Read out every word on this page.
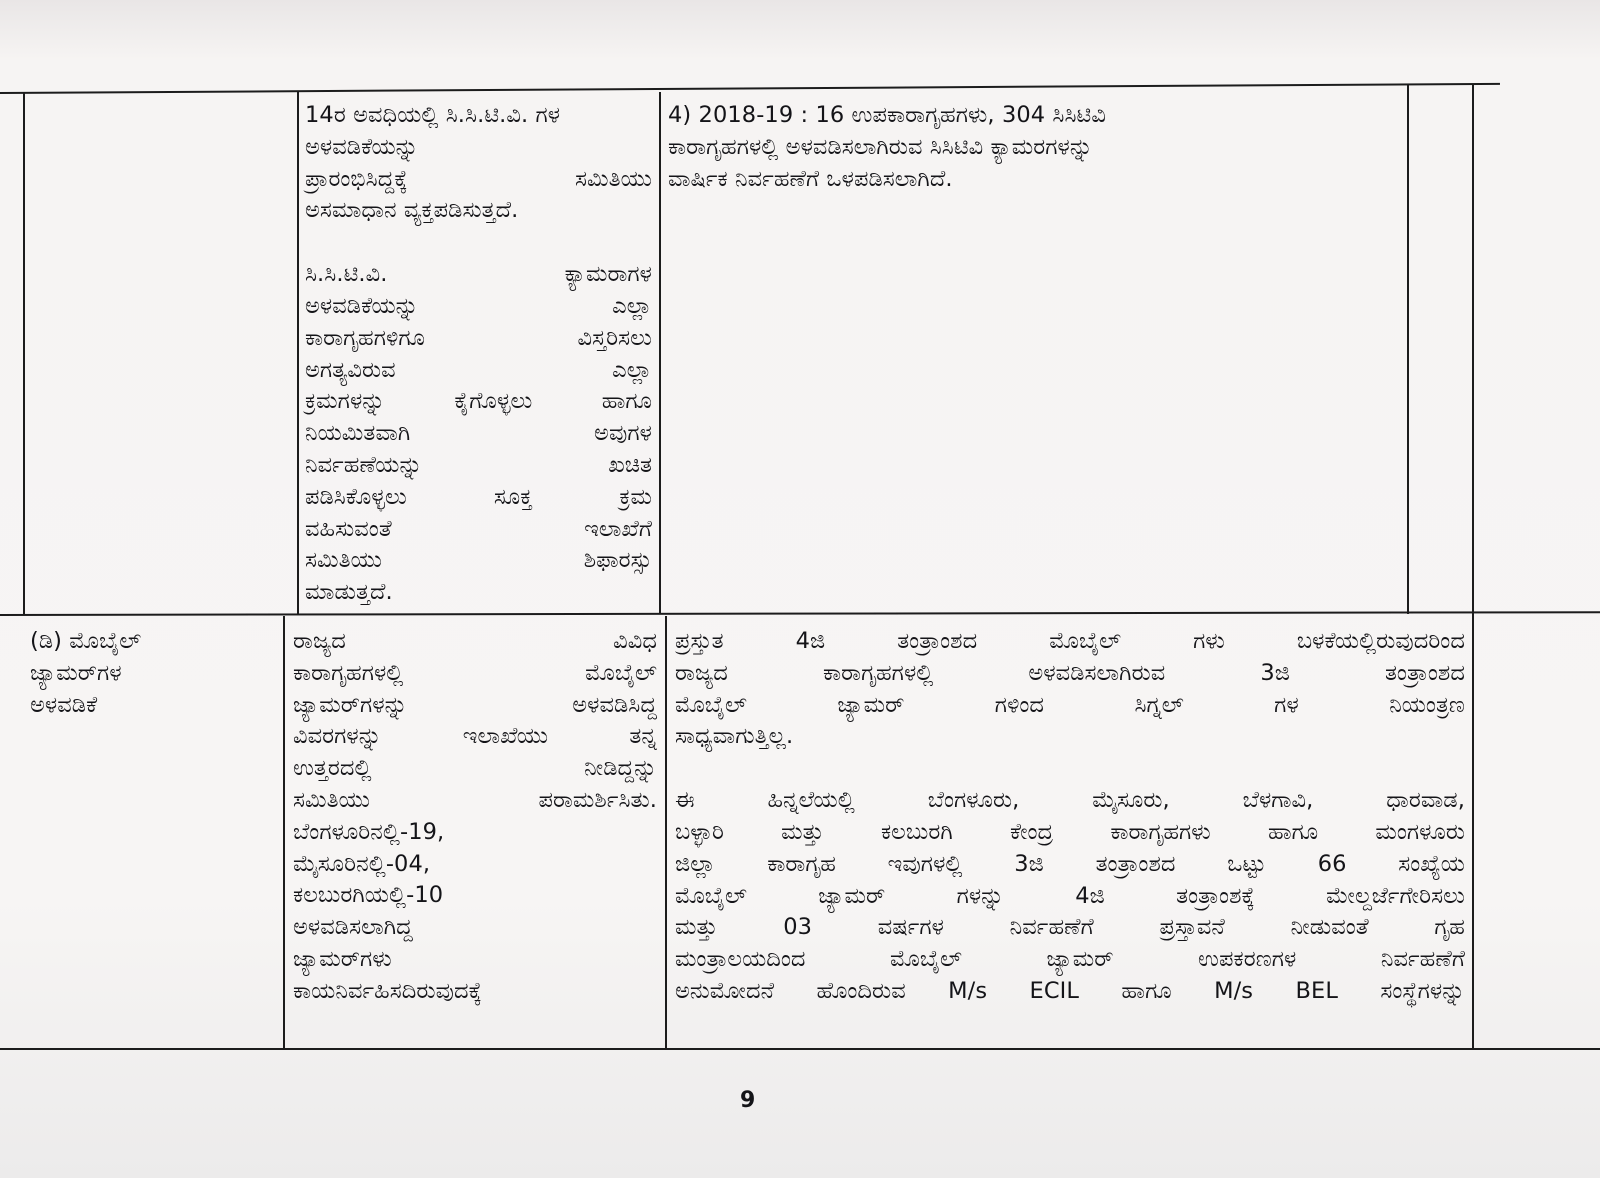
14ರ ಅವಧಿಯಲ್ಲಿ ಸಿ.ಸಿ.ಟಿ.ವಿ. ಗಳ

ಅಳವಡಿಕೆಯನ್ನು

ಪ್ರಾರಂಭಿಸಿದ್ದಕ್ಕೆ ಸಮಿತಿಯು

ಅಸಮಾಧಾನ ವ್ಯಕ್ತಪಡಿಸುತ್ತದೆ.

ಸಿ.ಸಿ.ಟಿ.ವಿ. ಕ್ಯಾಮರಾಗಳ

ಅಳವಡಿಕೆಯನ್ನು ಎಲ್ಲಾ

ಕಾರಾಗೃಹಗಳಿಗೂ ವಿಸ್ತರಿಸಲು

ಅಗತ್ಯವಿರುವ ಎಲ್ಲಾ

ಕ್ರಮಗಳನ್ನು ಕೈಗೊಳ್ಳಲು ಹಾಗೂ

ನಿಯಮಿತವಾಗಿ ಅವುಗಳ

ನಿರ್ವಹಣೆಯನ್ನು ಖಚಿತ

ಪಡಿಸಿಕೊಳ್ಳಲು ಸೂಕ್ತ ಕ್ರಮ

ವಹಿಸುವಂತೆ ಇಲಾಖೆಗೆ

ಸಮಿತಿಯು ಶಿಫಾರಸ್ಸು

ಮಾಡುತ್ತದೆ.

4) 2018-19 : 16 ಉಪಕಾರಾಗೃಹಗಳು, 304 ಸಿಸಿಟಿವಿ

ಕಾರಾಗೃಹಗಳಲ್ಲಿ ಅಳವಡಿಸಲಾಗಿರುವ ಸಿಸಿಟಿವಿ ಕ್ಯಾಮರಗಳನ್ನು

ವಾರ್ಷಿಕ ನಿರ್ವಹಣೆಗೆ ಒಳಪಡಿಸಲಾಗಿದೆ.

(ಡಿ) ಮೊಬೈಲ್

ಜ್ಯಾಮರ್‌ಗಳ

ಅಳವಡಿಕೆ

ರಾಜ್ಯದ ವಿವಿಧ

ಕಾರಾಗೃಹಗಳಲ್ಲಿ ಮೊಬೈಲ್

ಜ್ಯಾಮರ್‌ಗಳನ್ನು ಅಳವಡಿಸಿದ್ದ

ವಿವರಗಳನ್ನು ಇಲಾಖೆಯು ತನ್ನ

ಉತ್ತರದಲ್ಲಿ ನೀಡಿದ್ದನ್ನು

ಸಮಿತಿಯು ಪರಾಮರ್ಶಿಸಿತು.

ಬೆಂಗಳೂರಿನಲ್ಲಿ-19,

ಮೈಸೂರಿನಲ್ಲಿ-04,

ಕಲಬುರಗಿಯಲ್ಲಿ-10

ಅಳವಡಿಸಲಾಗಿದ್ದ

ಜ್ಯಾಮರ್‌ಗಳು

ಕಾಯನಿರ್ವಹಿಸದಿರುವುದಕ್ಕೆ

ಪ್ರಸ್ತುತ 4ಜಿ ತಂತ್ರಾಂಶದ ಮೊಬೈಲ್ ಗಳು ಬಳಕೆಯಲ್ಲಿರುವುದರಿಂದ

ರಾಜ್ಯದ ಕಾರಾಗೃಹಗಳಲ್ಲಿ ಅಳವಡಿಸಲಾಗಿರುವ 3ಜಿ ತಂತ್ರಾಂಶದ

ಮೊಬೈಲ್ ಜ್ಯಾಮರ್ ಗಳಿಂದ ಸಿಗ್ನಲ್ ಗಳ ನಿಯಂತ್ರಣ

ಸಾಧ್ಯವಾಗುತ್ತಿಲ್ಲ.

ಈ ಹಿನ್ನಲೆಯಲ್ಲಿ ಬೆಂಗಳೂರು, ಮೈಸೂರು, ಬೆಳಗಾವಿ, ಧಾರವಾಡ,

ಬಳ್ಳಾರಿ ಮತ್ತು ಕಲಬುರಗಿ ಕೇಂದ್ರ ಕಾರಾಗೃಹಗಳು ಹಾಗೂ ಮಂಗಳೂರು

ಜಿಲ್ಲಾ ಕಾರಾಗೃಹ ಇವುಗಳಲ್ಲಿ 3ಜಿ ತಂತ್ರಾಂಶದ ಒಟ್ಟು 66 ಸಂಖ್ಯೆಯ

ಮೊಬೈಲ್ ಜ್ಯಾಮರ್ ಗಳನ್ನು 4ಜಿ ತಂತ್ರಾಂಶಕ್ಕೆ ಮೇಲ್ದರ್ಜೆಗೇರಿಸಲು

ಮತ್ತು 03 ವರ್ಷಗಳ ನಿರ್ವಹಣೆಗೆ ಪ್ರಸ್ತಾವನೆ ನೀಡುವಂತೆ ಗೃಹ

ಮಂತ್ರಾಲಯದಿಂದ ಮೊಬೈಲ್ ಜ್ಯಾಮರ್ ಉಪಕರಣಗಳ ನಿರ್ವಹಣೆಗೆ

ಅನುಮೋದನೆ ಹೊಂದಿರುವ M/s ECIL ಹಾಗೂ M/s BEL ಸಂಸ್ಥೆಗಳನ್ನು

9
